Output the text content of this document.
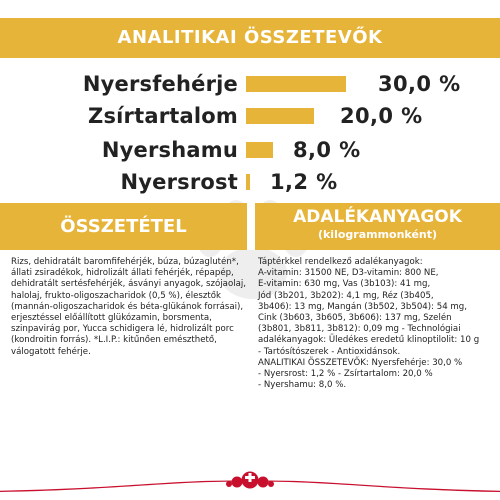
ANALITIKAI ÖSSZETEVŐK
Nyersfehérje	30,0 %
Zsírtartalom	20,0 %
Nyershamu	8,0 %
Nyersrost 1,2 %
ÖSSZETÉTEL	ADALÉKANYAGOK
(kilogrammonként)
Rizs, dehidratált baromfifehérjék, búza, búzaglutén*, állati zsiradékok, hidrolizált állati fehérjék, répapép, dehidratált sertésfehérjék, ásványi anyagok, szójaolaj, halolaj, frukto-oligoszacharidok (0,5 %), élesztők (mannán-oligoszacharidok és béta-glükánok forrásai), erjesztéssel előállított glükózamin, borsmenta, szinpavirág por, Yucca schidigera lé, hidrolizált porc (kondroitin forrás). *L.I.P.: kitűnően emészthető, válogatott fehérje.
Táptérkkel rendelkező adalékanyagok:
A-vitamin: 31500 NE, D3-vitamin: 800 NE,
E-vitamin: 630 mg, Vas (3b103): 41 mg,
Jód (3b201, 3b202): 4,1 mg, Réz (3b405,
3b406): 13 mg, Mangán (3b502, 3b504): 54 mg,
Cink (3b603, 3b605, 3b606): 137 mg, Szelén
(3b801, 3b811, 3b812): 0,09 mg - Technológiai
adalékanyagok: Üledékes eredetű klinoptilolit: 10 g
- Tartósítószerek - Antioxidánsok.
ANALITIKAI ÖSSZETEVŐK: Nyersfehérje: 30,0 %
- Nyersrost: 1,2 % - Zsírtartalom: 20,0 %
- Nyershamu: 8,0 %.
